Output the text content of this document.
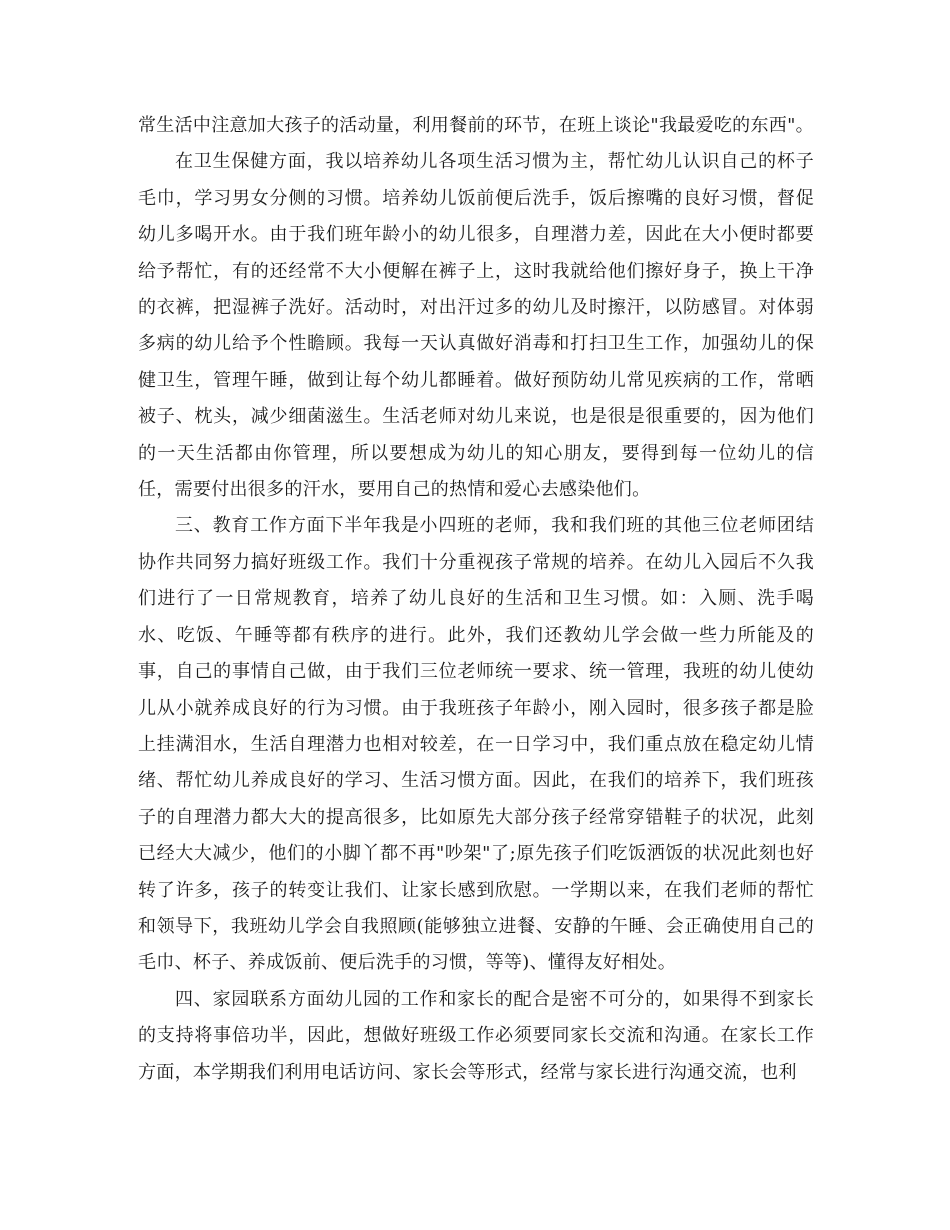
常生活中注意加大孩子的活动量，利用餐前的环节，在班上谈论"我最爱吃的东西"。

在卫生保健方面，我以培养幼儿各项生活习惯为主，帮忙幼儿认识自己的杯子毛巾，学习男女分侧的习惯。培养幼儿饭前便后洗手，饭后擦嘴的良好习惯，督促幼儿多喝开水。由于我们班年龄小的幼儿很多，自理潜力差，因此在大小便时都要给予帮忙，有的还经常不大小便解在裤子上，这时我就给他们擦好身子，换上干净的衣裤，把湿裤子洗好。活动时，对出汗过多的幼儿及时擦汗，以防感冒。对体弱多病的幼儿给予个性瞻顾。我每一天认真做好消毒和打扫卫生工作，加强幼儿的保健卫生，管理午睡，做到让每个幼儿都睡着。做好预防幼儿常见疾病的工作，常晒被子、枕头，减少细菌滋生。生活老师对幼儿来说，也是很是很重要的，因为他们的一天生活都由你管理，所以要想成为幼儿的知心朋友，要得到每一位幼儿的信任，需要付出很多的汗水，要用自己的热情和爱心去感染他们。

三、教育工作方面下半年我是小四班的老师，我和我们班的其他三位老师团结协作共同努力搞好班级工作。我们十分重视孩子常规的培养。在幼儿入园后不久我们进行了一日常规教育，培养了幼儿良好的生活和卫生习惯。如：入厕、洗手喝水、吃饭、午睡等都有秩序的进行。此外，我们还教幼儿学会做一些力所能及的事，自己的事情自己做，由于我们三位老师统一要求、统一管理，我班的幼儿使幼儿从小就养成良好的行为习惯。由于我班孩子年龄小，刚入园时，很多孩子都是脸上挂满泪水，生活自理潜力也相对较差，在一日学习中，我们重点放在稳定幼儿情绪、帮忙幼儿养成良好的学习、生活习惯方面。因此，在我们的培养下，我们班孩子的自理潜力都大大的提高很多，比如原先大部分孩子经常穿错鞋子的状况，此刻已经大大减少，他们的小脚丫都不再"吵架"了;原先孩子们吃饭洒饭的状况此刻也好转了许多，孩子的转变让我们、让家长感到欣慰。一学期以来，在我们老师的帮忙和领导下，我班幼儿学会自我照顾(能够独立进餐、安静的午睡、会正确使用自己的毛巾、杯子、养成饭前、便后洗手的习惯，等等)、懂得友好相处。

四、家园联系方面幼儿园的工作和家长的配合是密不可分的，如果得不到家长的支持将事倍功半，因此，想做好班级工作必须要同家长交流和沟通。在家长工作方面，本学期我们利用电话访问、家长会等形式，经常与家长进行沟通交流，也利
